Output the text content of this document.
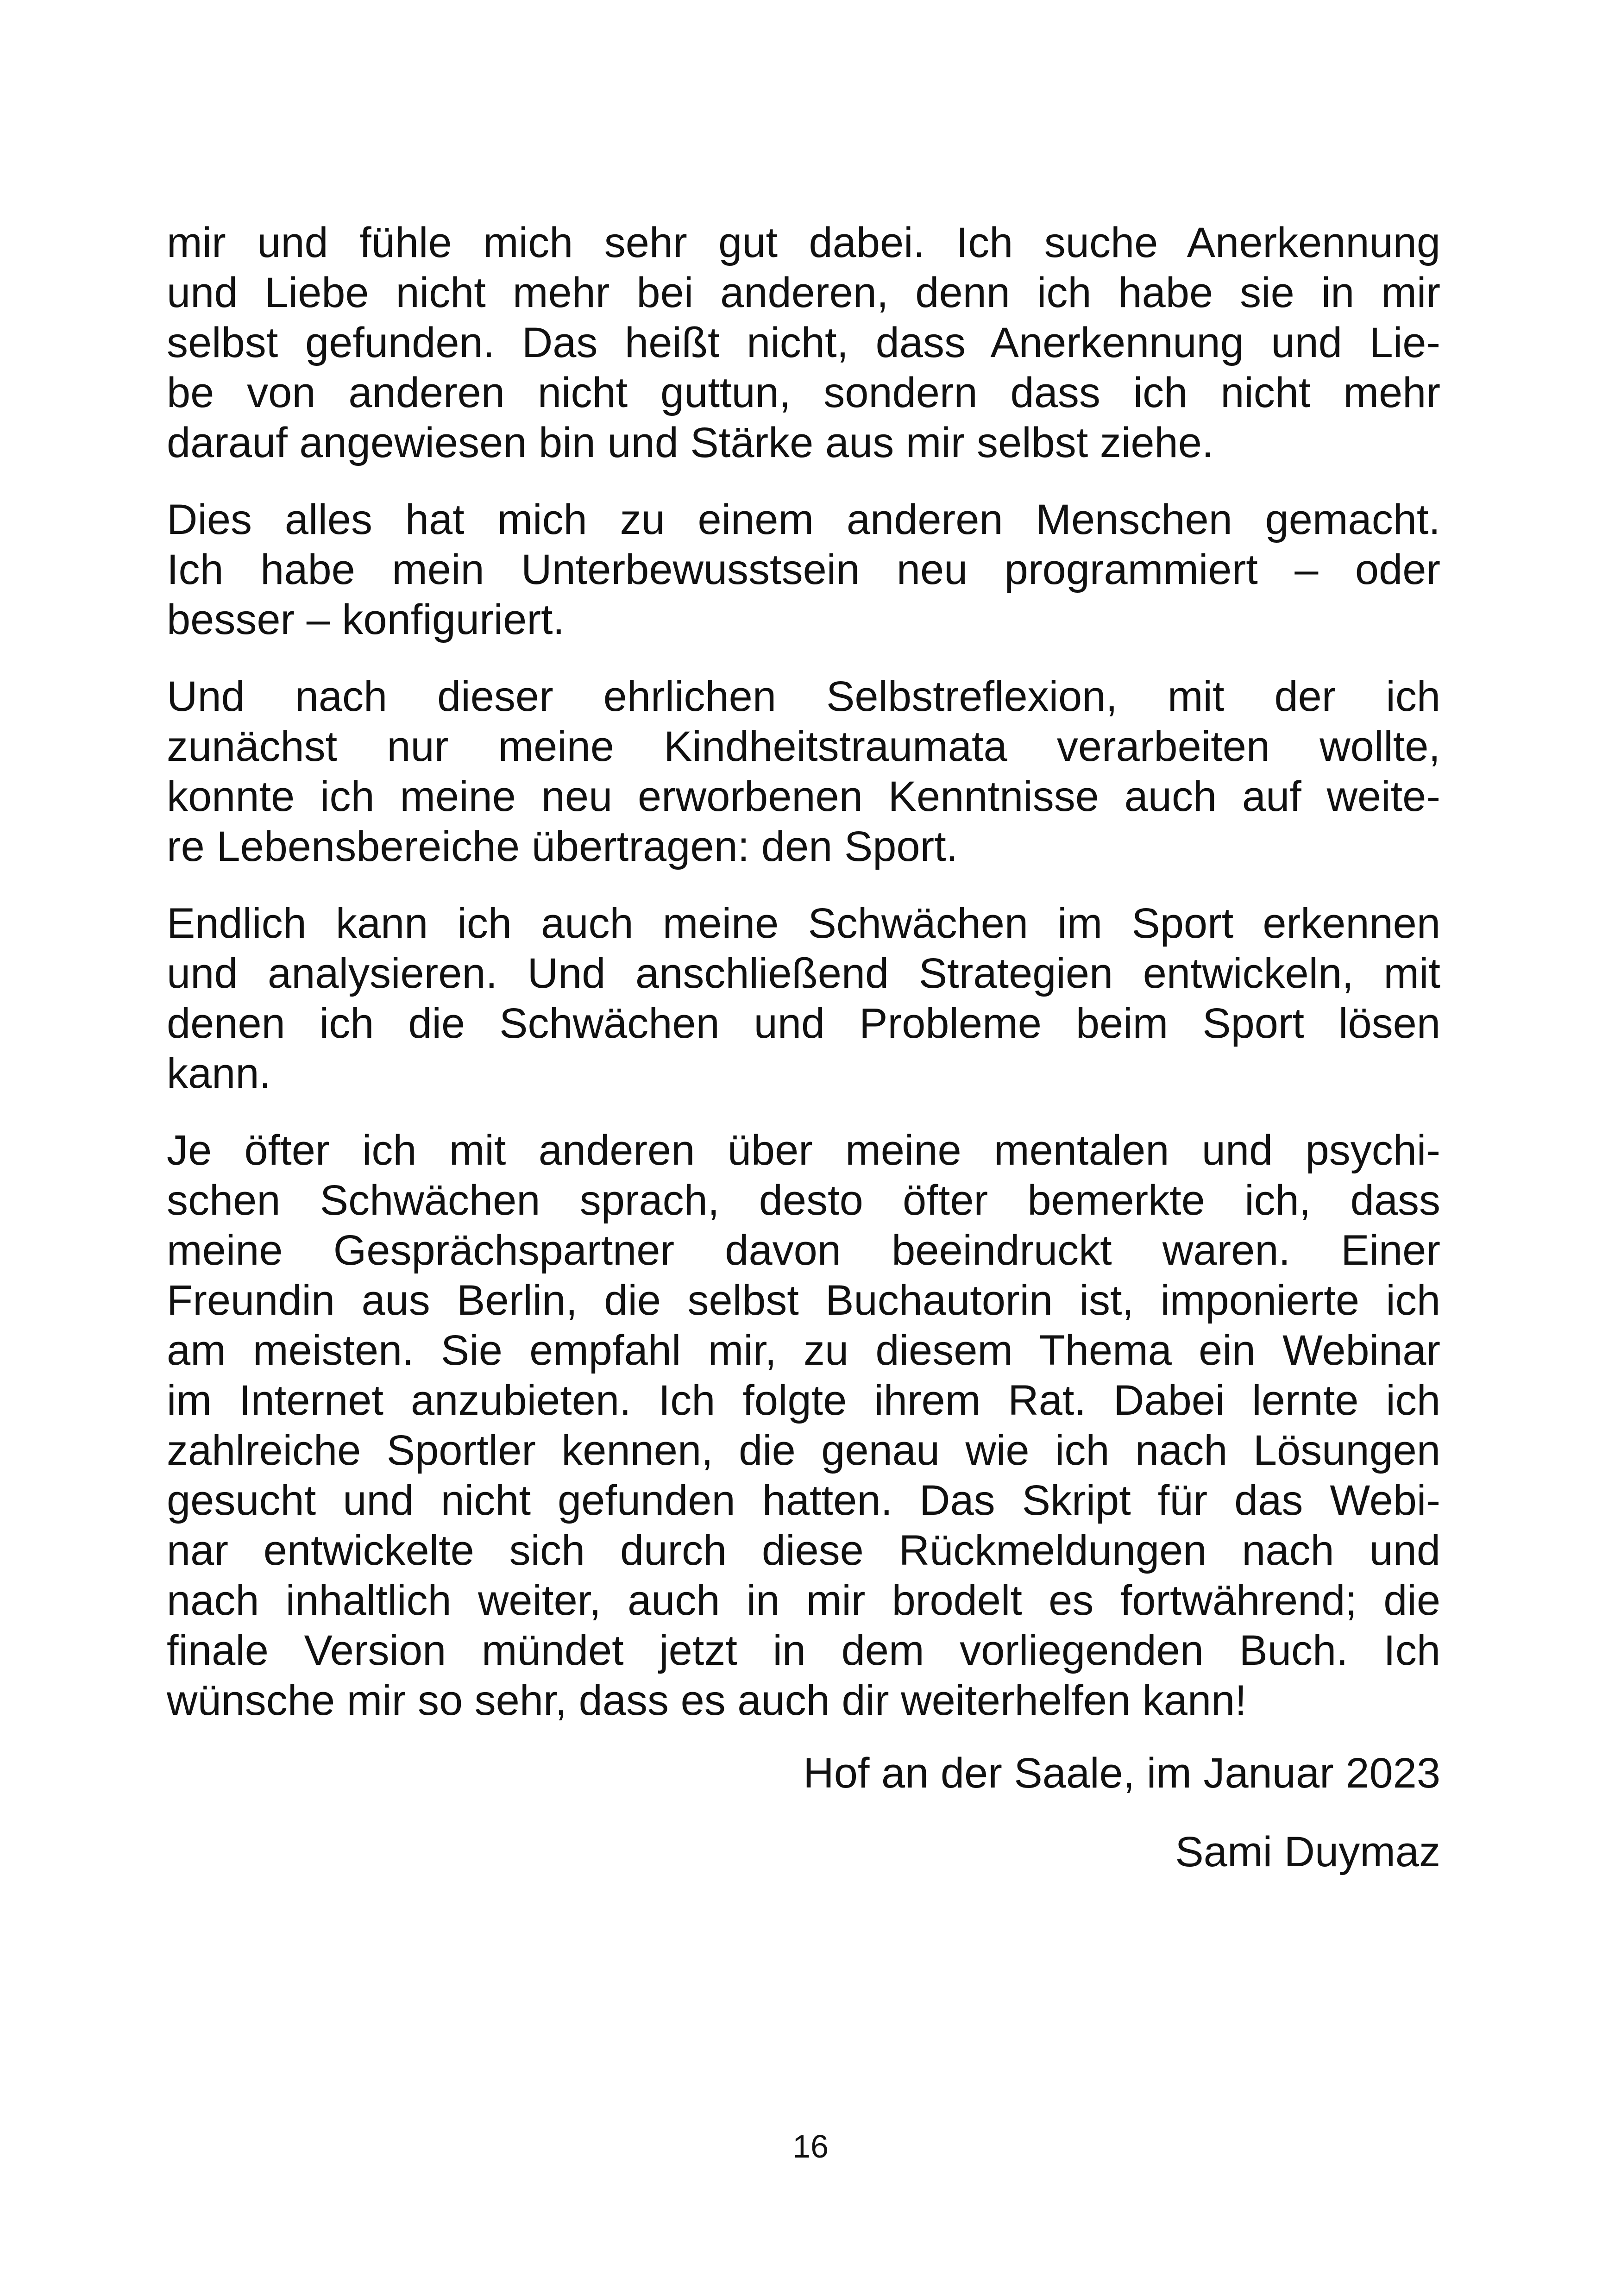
mir und fühle mich sehr gut dabei. Ich suche Anerkennung
und Liebe nicht mehr bei anderen, denn ich habe sie in mir
selbst gefunden. Das heißt nicht, dass Anerkennung und Lie-
be von anderen nicht guttun, sondern dass ich nicht mehr
darauf angewiesen bin und Stärke aus mir selbst ziehe.

Dies alles hat mich zu einem anderen Menschen gemacht.
Ich habe mein Unterbewusstsein neu programmiert – oder
besser – konfiguriert.

Und nach dieser ehrlichen Selbstreflexion, mit der ich
zunächst nur meine Kindheitstraumata verarbeiten wollte,
konnte ich meine neu erworbenen Kenntnisse auch auf weite-
re Lebensbereiche übertragen: den Sport.

Endlich kann ich auch meine Schwächen im Sport erkennen
und analysieren. Und anschließend Strategien entwickeln, mit
denen ich die Schwächen und Probleme beim Sport lösen
kann.

Je öfter ich mit anderen über meine mentalen und psychi-
schen Schwächen sprach, desto öfter bemerkte ich, dass
meine Gesprächspartner davon beeindruckt waren. Einer
Freundin aus Berlin, die selbst Buchautorin ist, imponierte ich
am meisten. Sie empfahl mir, zu diesem Thema ein Webinar
im Internet anzubieten. Ich folgte ihrem Rat. Dabei lernte ich
zahlreiche Sportler kennen, die genau wie ich nach Lösungen
gesucht und nicht gefunden hatten. Das Skript für das Webi-
nar entwickelte sich durch diese Rückmeldungen nach und
nach inhaltlich weiter, auch in mir brodelt es fortwährend; die
finale Version mündet jetzt in dem vorliegenden Buch. Ich
wünsche mir so sehr, dass es auch dir weiterhelfen kann!

Hof an der Saale, im Januar 2023
Sami Duymaz
16
